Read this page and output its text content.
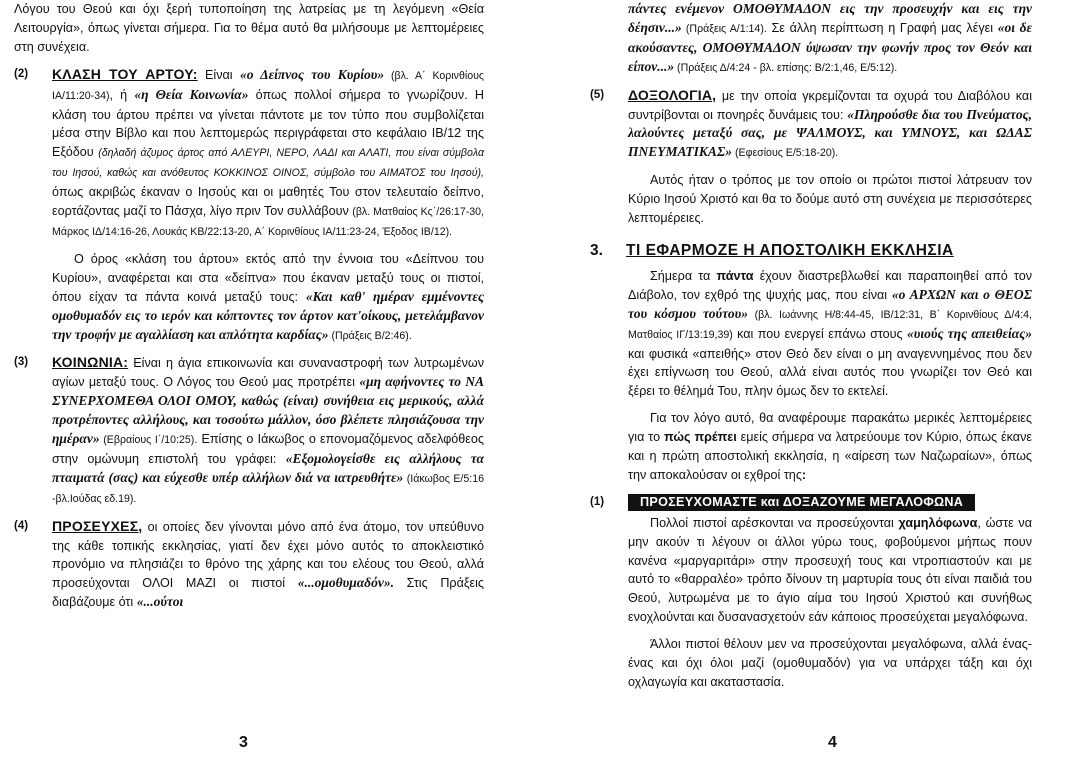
Λόγου του Θεού και όχι ξερή τυποποίηση της λατρείας με τη λεγόμενη «Θεία Λειτουργία», όπως γίνεται σήμερα. Για το θέμα αυτό θα μιλήσουμε με λεπτομέρειες στη συνέχεια.

(2) ΚΛΑΣΗ ΤΟΥ ΑΡΤΟΥ: Είναι «ο Δείπνος του Κυρίου» (βλ. Α΄ Κορινθίους ΙΑ/11:20-34), ή «η Θεία Κοινωνία» όπως πολλοί σήμερα το γνωρίζουν. Η κλάση του άρτου πρέπει να γίνεται πάντοτε με τον τύπο που συμβολίζεται μέσα στην Βίβλο και που λεπτομερώς περιγράφεται στο κεφάλαιο ΙΒ/12 της Εξόδου (δηλαδή άζυμος άρτος από ΑΛΕΥΡΙ, ΝΕΡΟ, ΛΑΔΙ και ΑΛΑΤΙ, που είναι σύμβολα του Ιησού, καθώς και ανόθευτος ΚΟΚΚΙΝΟΣ ΟΙΝΟΣ, σύμβολο του ΑΙΜΑΤΟΣ του Ιησού), όπως ακριβώς έκαναν ο Ιησούς και οι μαθητές Του στον τελευταίο δείπνο, εορτάζοντας μαζί το Πάσχα, λίγο πριν Τον συλλάβουν (βλ. Ματθαίος Κς΄/26:17-30, Μάρκος ΙΔ/14:16-26, Λουκάς ΚΒ/22:13-20, Α΄ Κορινθίους ΙΑ/11:23-24, Έξοδος ΙΒ/12).
Ο όρος «κλάση του άρτου» εκτός από την έννοια του «Δείπνου του Κυρίου», αναφέρεται και στα «δείπνα» που έκαναν μεταξύ τους οι πιστοί, όπου είχαν τα πάντα κοινά μεταξύ τους: «Και καθ' ημέραν εμμένοντες ομοθυμαδόν εις το ιερόν και κόπτοντες τον άρτον κατ'οίκους, μετελάμβανον την τροφήν με αγαλλίαση και απλότητα καρδίας» (Πράξεις Β/2:46).
(3) ΚΟΙΝΩΝΙΑ: Είναι η άγια επικοινωνία και συναναστροφή των λυτρωμένων αγίων μεταξύ τους. Ο Λόγος του Θεού μας προτρέπει «μη αφήνοντες το ΝΑ ΣΥΝΕΡΧΟΜΕΘΑ ΟΛΟΙ ΟΜΟΥ, καθώς (είναι) συνήθεια εις μερικούς, αλλά προτρέποντες αλλήλους, και τοσούτω μάλλον, όσο βλέπετε πλησιάζουσα την ημέραν» (Εβραίους Ι΄/10:25). Επίσης ο Ιάκωβος ο επονομαζόμενος αδελφόθεος στην ομώνυμη επιστολή του γράφει: «Εξομολογείσθε εις αλλήλους τα πταιματά (σας) και εύχεσθε υπέρ αλλήλων διά να ιατρευθήτε» (Ιάκωβος Ε/5:16 -βλ.Ιούδας εδ.19).
(4) ΠΡΟΣΕΥΧΕΣ, οι οποίες δεν γίνονται μόνο από ένα άτομο, τον υπεύθυνο της κάθε τοπικής εκκλησίας, γιατί δεν έχει μόνο αυτός το αποκλειστικό προνόμιο να πλησιάζει το θρόνο της χάρης και του ελέους του Θεού, αλλά προσεύχονται ΟΛΟΙ ΜΑΖΙ οι πιστοί «...ομοθυμαδόν». Στις Πράξεις διαβάζουμε ότι «...ούτοι
3
πάντες ενέμενον ΟΜΟΘΥΜΑΔΟΝ εις την προσευχήν και εις την δέησιν...» (Πράξεις Α/1:14). Σε άλλη περίπτωση η Γραφή μας λέγει «οι δε ακούσαντες, ΟΜΟΘΥΜΑΔΟΝ ύψωσαν την φωνήν προς τον Θεόν και είπον...» (Πράξεις Δ/4:24 - βλ. επίσης: Β/2:1,46, Ε/5:12).
(5) ΔΟΞΟΛΟΓΙΑ, με την οποία γκρεμίζονται τα οχυρά του Διαβόλου και συντρίβονται οι πονηρές δυνάμεις του: «Πληρούσθε δια του Πνεύματος, λαλούντες μεταξύ σας, με ΨΑΛΜΟΥΣ, και ΥΜΝΟΥΣ, και ΩΔΑΣ ΠΝΕΥΜΑΤΙΚΑΣ» (Εφεσίους Ε/5:18-20).

Αυτός ήταν ο τρόπος με τον οποίο οι πρώτοι πιστοί λάτρευαν τον Κύριο Ιησού Χριστό και θα το δούμε αυτό στη συνέχεια με περισσότερες λεπτομέρειες.

3. ΤΙ ΕΦΑΡΜΟΖΕ Η ΑΠΟΣΤΟΛΙΚΗ ΕΚΚΛΗΣΙΑ
Σήμερα τα πάντα έχουν διαστρεβλωθεί και παραποιηθεί από τον Διάβολο, τον εχθρό της ψυχής μας, που είναι «ο ΑΡΧΩΝ και ο ΘΕΟΣ του κόσμου τούτου» (βλ. Ιωάννης Η/8:44-45, ΙΒ/12:31, Β΄ Κορινθίους Δ/4:4, Ματθαίος ΙΓ/13:19,39) και που ενεργεί επάνω στους «υιούς της απειθείας» και φυσικά «απειθής» στον Θεό δεν είναι ο μη αναγεννημένος που δεν έχει επίγνωση του Θεού, αλλά είναι αυτός που γνωρίζει τον Θεό και ξέρει το θέλημά Του, πλην όμως δεν το εκτελεί.
Για τον λόγο αυτό, θα αναφέρουμε παρακάτω μερικές λεπτομέρειες για το πώς πρέπει εμείς σήμερα να λατρεύουμε τον Κύριο, όπως έκανε και η πρώτη αποστολική εκκλησία, η «αίρεση των Ναζωραίων», όπως την αποκαλούσαν οι εχθροί της:
(1)	ΠΡΟΣΕΥΧΟΜΑΣΤΕ και ΔΟΞΑΖΟΥΜΕ ΜΕΓΑΛΟΦΩΝΑ
Πολλοί πιστοί αρέσκονται να προσεύχονται χαμηλόφωνα, ώστε να μην ακούν τι λέγουν οι άλλοι γύρω τους, φοβούμενοι μήπως πουν κανένα «μαργαριτάρι» στην προσευχή τους και ντροπιαστούν και με αυτό το «θαρραλέο» τρόπο δίνουν τη μαρτυρία τους ότι είναι παιδιά του Θεού, λυτρωμένα με το άγιο αίμα του Ιησού Χριστού και συνήθως ενοχλούνται και δυσανασχετούν εάν κάποιος προσεύχεται μεγαλόφωνα.

Άλλοι πιστοί θέλουν μεν να προσεύχονται μεγαλόφωνα, αλλά ένας-ένας και όχι όλοι μαζί (ομοθυμαδόν) για να υπάρχει τάξη και όχι οχλαγωγία και ακαταστασία.

4
